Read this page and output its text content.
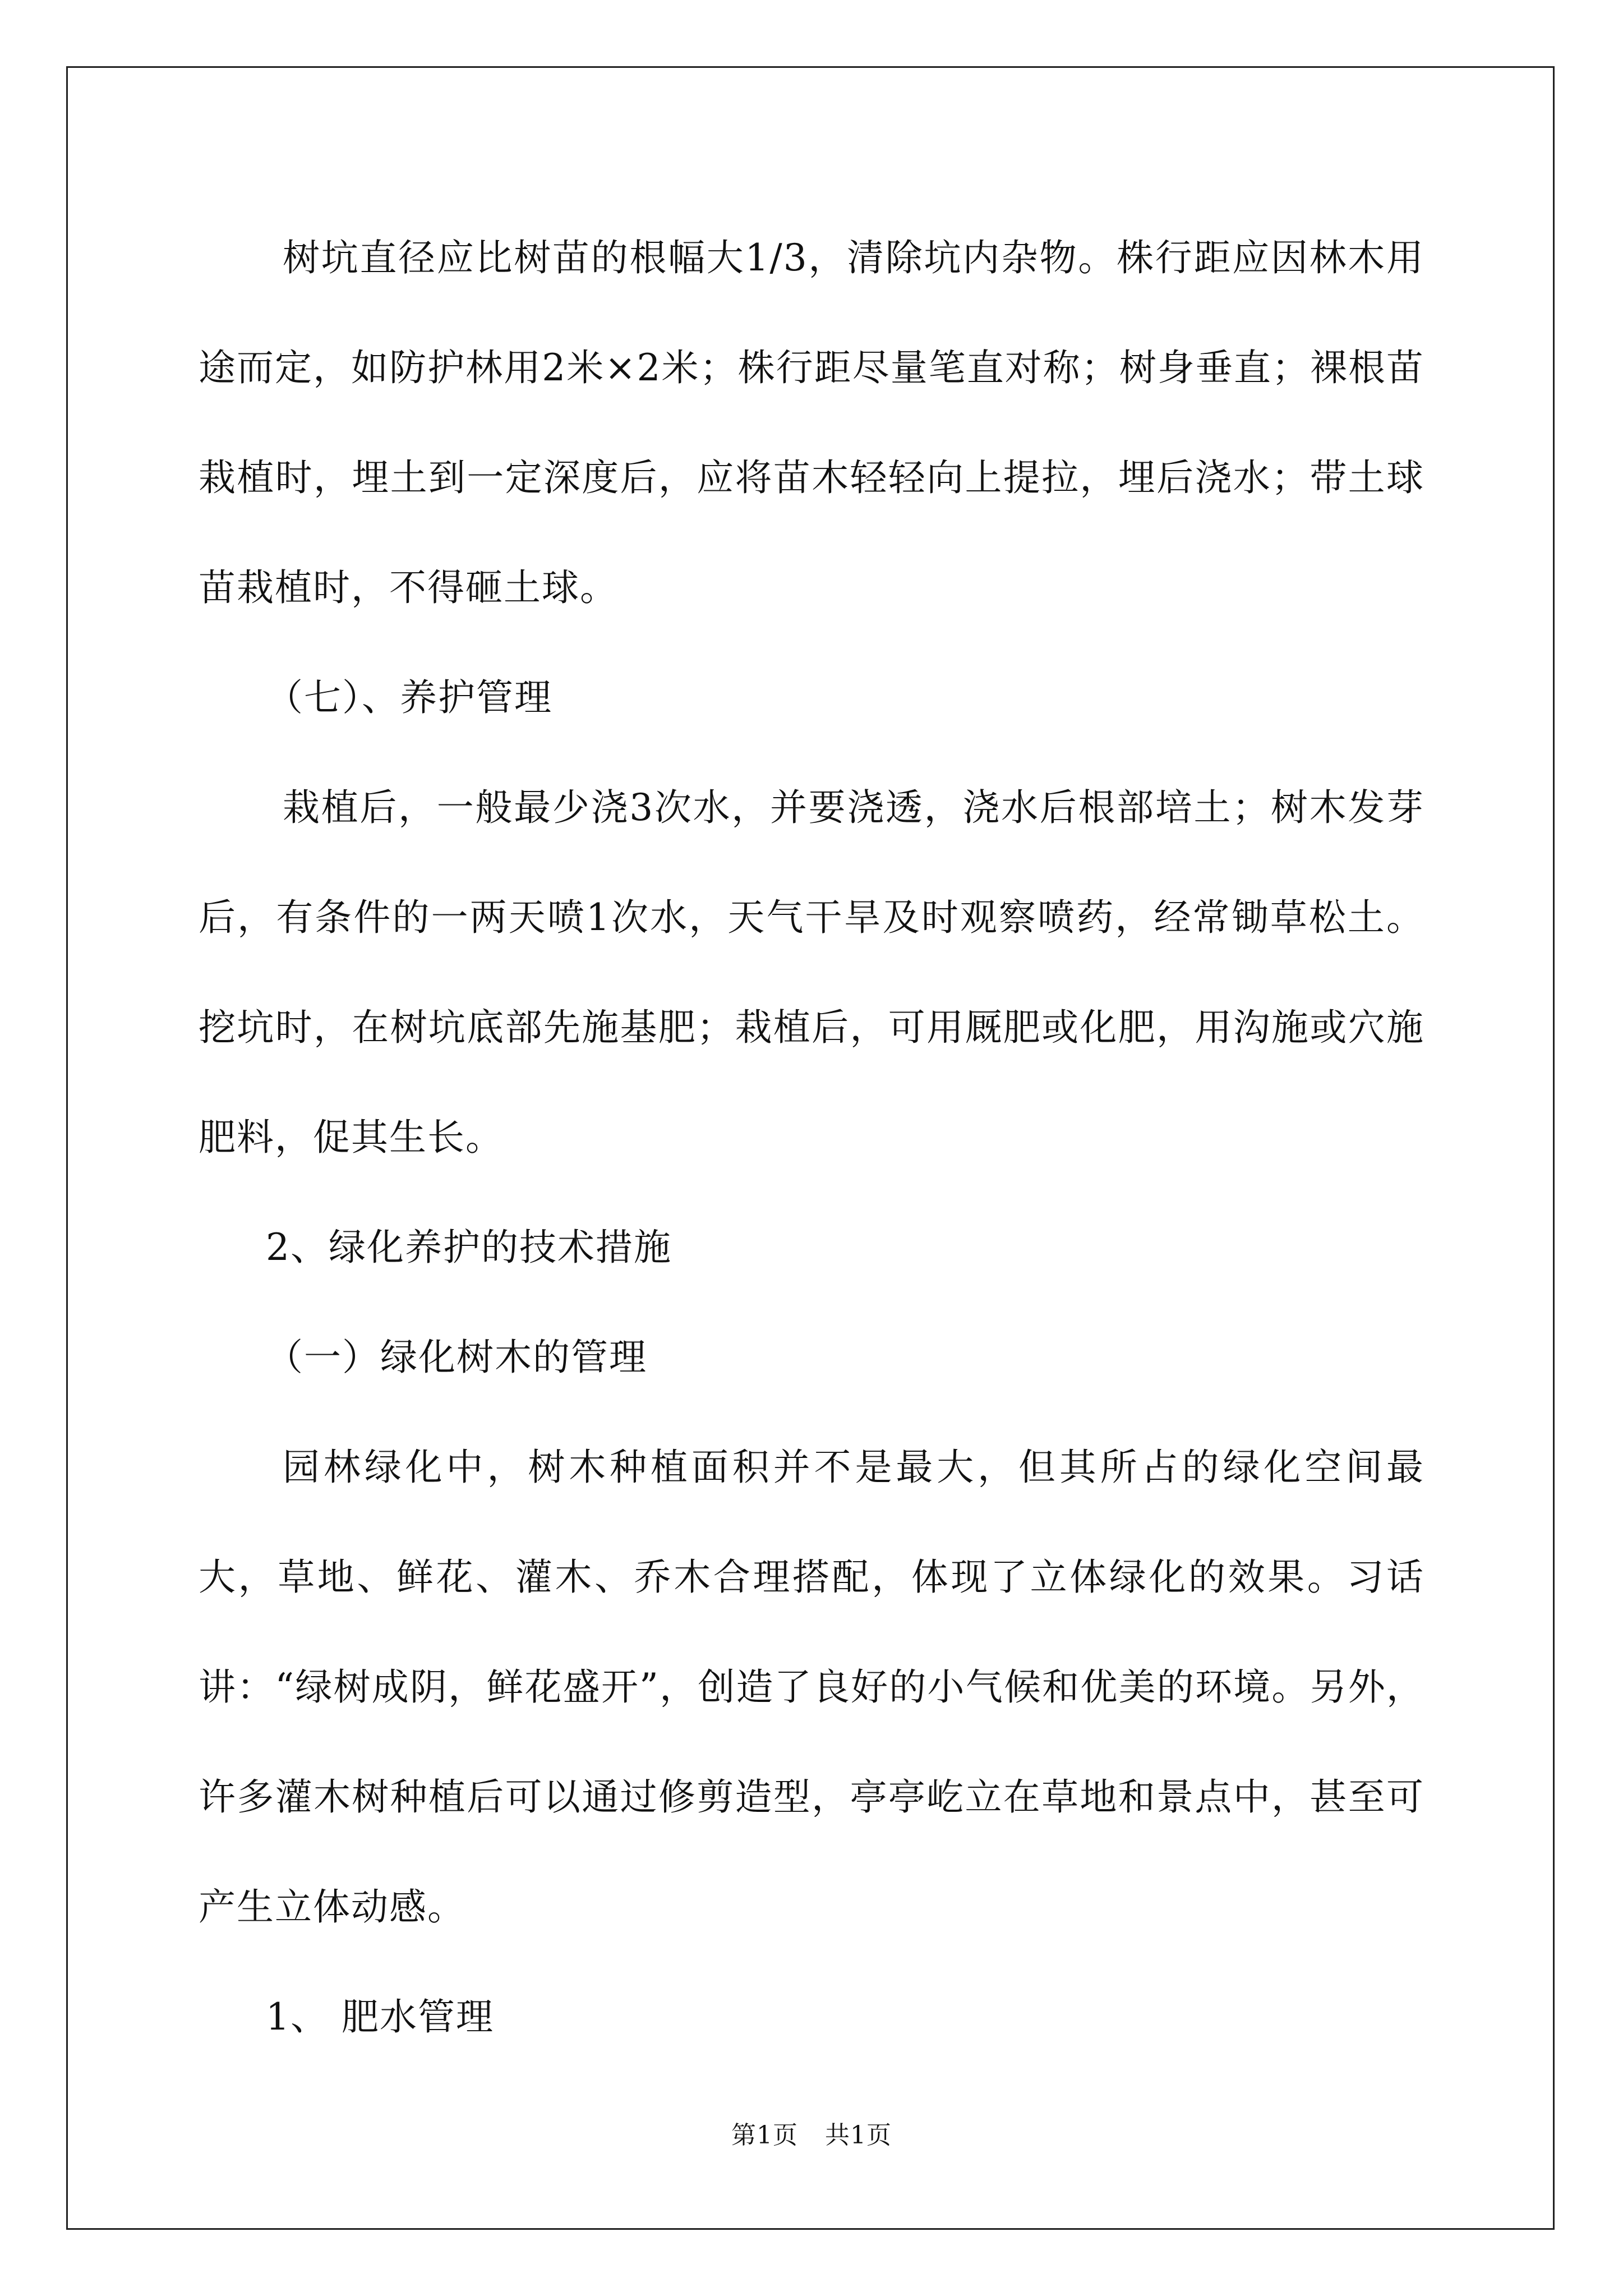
树坑直径应比树苗的根幅大1/3，清除坑内杂物。株行距应因林木用途而定，如防护林用2米×2米；株行距尽量笔直对称；树身垂直；裸根苗栽植时，埋土到一定深度后，应将苗木轻轻向上提拉，埋后浇水；带土球苗栽植时，不得砸土球。

（七）、养护管理

栽植后，一般最少浇3次水，并要浇透，浇水后根部培土；树木发芽后，有条件的一两天喷1次水，天气干旱及时观察喷药，经常锄草松土。挖坑时，在树坑底部先施基肥；栽植后，可用厩肥或化肥，用沟施或穴施肥料，促其生长。

2、绿化养护的技术措施

（一）绿化树木的管理

园林绿化中，树木种植面积并不是最大，但其所占的绿化空间最大，草地、鲜花、灌木、乔木合理搭配，体现了立体绿化的效果。习话讲：“绿树成阴，鲜花盛开”，创造了良好的小气候和优美的环境。另外，许多灌木树种植后可以通过修剪造型，亭亭屹立在草地和景点中，甚至可产生立体动感。

1、 肥水管理

第1页 共1页
